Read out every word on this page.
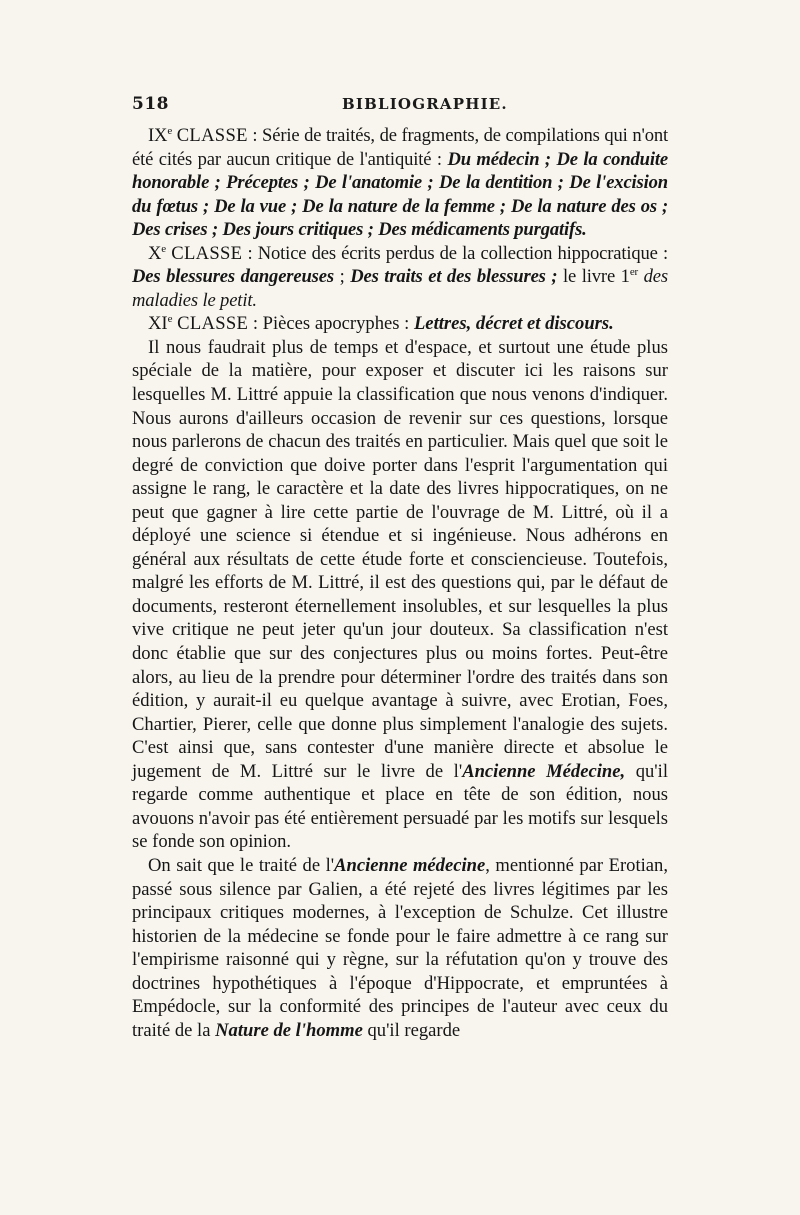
518	BIBLIOGRAPHIE.

IXe CLASSE : Série de traités, de fragments, de compilations qui n'ont été cités par aucun critique de l'antiquité : Du médecin ; De la conduite honorable ; Préceptes ; De l'anatomie ; De la dentition ; De l'excision du fœtus ; De la vue ; De la nature de la femme ; De la nature des os ; Des crises ; Des jours critiques ; Des médicaments purgatifs.

Xe CLASSE : Notice des écrits perdus de la collection hippocratique : Des blessures dangereuses ; Des traits et des blessures ; le livre 1er des maladies le petit.

XIe CLASSE : Pièces apocryphes : Lettres, décret et discours.

Il nous faudrait plus de temps et d'espace, et surtout une étude plus spéciale de la matière, pour exposer et discuter ici les raisons sur lesquelles M. Littré appuie la classification que nous venons d'indiquer. Nous aurons d'ailleurs occasion de revenir sur ces questions, lorsque nous parlerons de chacun des traités en particulier. Mais quel que soit le degré de conviction que doive porter dans l'esprit l'argumentation qui assigne le rang, le caractère et la date des livres hippocratiques, on ne peut que gagner à lire cette partie de l'ouvrage de M. Littré, où il a déployé une science si étendue et si ingénieuse. Nous adhérons en général aux résultats de cette étude forte et consciencieuse. Toutefois, malgré les efforts de M. Littré, il est des questions qui, par le défaut de documents, resteront éternellement insolubles, et sur lesquelles la plus vive critique ne peut jeter qu'un jour douteux. Sa classification n'est donc établie que sur des conjectures plus ou moins fortes. Peut-être alors, au lieu de la prendre pour déterminer l'ordre des traités dans son édition, y aurait-il eu quelque avantage à suivre, avec Erotian, Foes, Chartier, Pierer, celle que donne plus simplement l'analogie des sujets. C'est ainsi que, sans contester d'une manière directe et absolue le jugement de M. Littré sur le livre de l'Ancienne Médecine, qu'il regarde comme authentique et place en tête de son édition, nous avouons n'avoir pas été entièrement persuadé par les motifs sur lesquels se fonde son opinion.

On sait que le traité de l'Ancienne médecine, mentionné par Erotian, passé sous silence par Galien, a été rejeté des livres légitimes par les principaux critiques modernes, à l'exception de Schulze. Cet illustre historien de la médecine se fonde pour le faire admettre à ce rang sur l'empirisme raisonné qui y règne, sur la réfutation qu'on y trouve des doctrines hypothétiques à l'époque d'Hippocrate, et empruntées à Empédocle, sur la conformité des principes de l'auteur avec ceux du traité de la Nature de l'homme qu'il regarde
